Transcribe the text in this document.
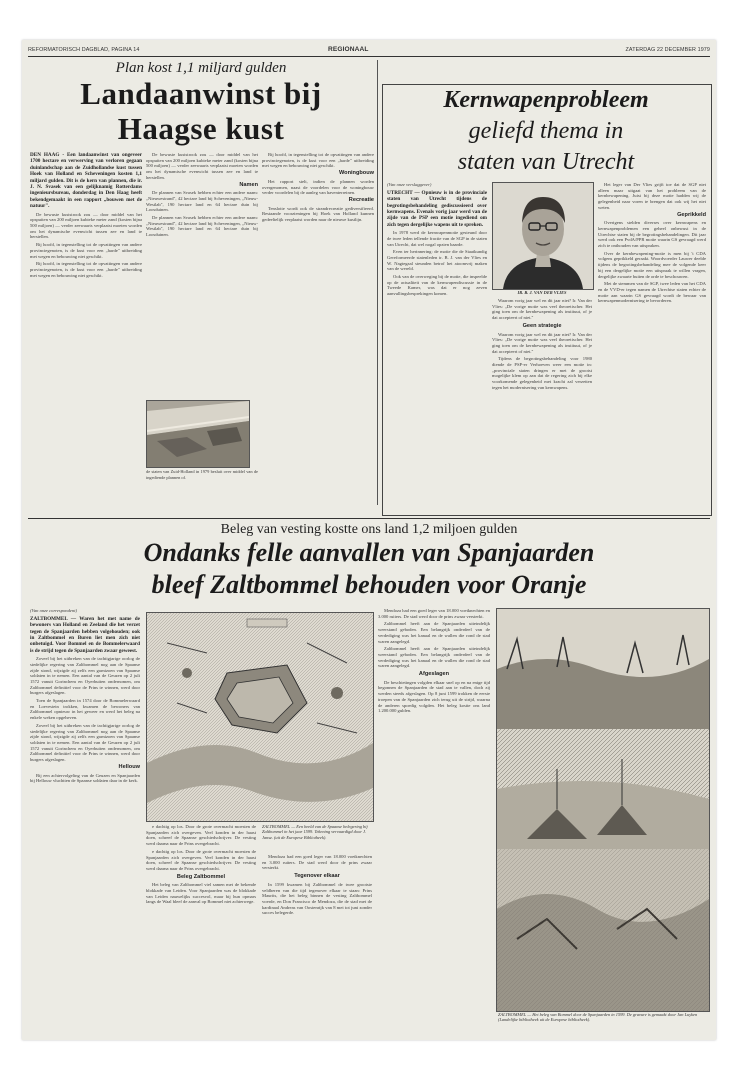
REFORMATORISCH DAGBLAD, PAGINA 14	REGIONAAL	ZATERDAG 22 DECEMBER 1979
Plan kost 1,1 miljard gulden
Landaanwinst bij
Haagse kust

DEN HAAG - Een landaanwinst van ongeveer 1700 hectare en verwerving van verloren gegaan duinlandschap aan de Zuidhollandse kust tussen Hoek van Holland en Scheveningen kosten 1,1 miljard gulden. Dit is de kern van plannen, die ir. J. N. Svasek van een gelijknamig Rotterdams ingenieursbureau, donderdag in Den Haag heeft bekendgemaakt in een rapport „bouwen met de natuur".

De bewuste kuststrook zou — door middel van het opspuiten van 200 miljoen kubieke meter zand (kosten bijna 500 miljoen) — verder zeewaarts verplaatst moeten worden om het dynamische evenwicht tussen zee en land te herstellen.

Bij hoofd, in tegenstelling tot de opvattingen van andere provinciegenoten, is de kust voor een „harde" uitbreiding met wegen en bebouwing niet geschikt.

Bij hoofd, in tegenstelling tot de opvattingen van andere provinciegenoten, is de kust voor een „harde" uitbreiding met wegen en bebouwing niet geschikt.

De bewuste kuststrook zou — door middel van het opspuiten van 200 miljoen kubieke meter zand (kosten bijna 500 miljoen) — verder zeewaarts verplaatst moeten worden om het dynamische evenwicht tussen zee en land te herstellen.

Namen

De plannen van Svasek hebben echter een andere naam: „Nieuwestrand", 42 hectare land bij Scheveningen, „Nieuw-Westlab", 190 hectare land en 64 hectare duin bij Loosduinen.

De plannen van Svasek hebben echter een andere naam: „Nieuwestrand", 42 hectare land bij Scheveningen, „Nieuw-Westlab", 190 hectare land en 64 hectare duin bij Loosduinen.

Bij hoofd, in tegenstelling tot de opvattingen van andere provinciegenoten, is de kust voor een „harde" uitbreiding met wegen en bebouwing niet geschikt.

Woningbouw

Het rapport stelt, indien de plannen worden overgenomen, naast de voordelen voor de woningbouw verder voordelen bij de aanleg van haventerreinen.

Recreatie

Tenslotte wordt ook de strandrecreatie gediversifieerd. Bestaande voorzieningen bij Hoek van Holland kunnen gedeeltelijk verplaatst worden naar de nieuwe kustlijn.

de staten van Zuid-Holland in 1979 besluit over middel van de ingediende plannen of.
Kernwapenprobleem
geliefd thema in
staten van Utrecht

(Van onze verslaggever)

UTRECHT — Opnieuw is in de provinciale staten van Utrecht tijdens de begrotingsbehandeling gediscussieerd over kernwapens. Evenals vorig jaar werd van de zijde van de PSP een motie ingediend om zich tegen dergelijke wapens uit te spreken.

In 1978 werd de kernwapenmotie gesteund door de twee leden tellende fractie van de SGP in de staten van Utrecht, dat wel nogal opzien baarde.

Even ter herinnering: de motie die de Staatkundig Gereformeerde statenleden ir. B. J. van der Vlies en W. Nagtegaal steunden betrof het atoomvrij maken van de wereld.

Ook van de overweging bij de motie, die inspeelde op de actualiteit van de kernwapendiscussie in de Tweede Kamer, was dat er nog zeven aanvullingsbesprekingen komen.	IR. B. J. VAN DER VLIES

Waarom vorig jaar wel en dit jaar niet? Ir. Van der Vlies: „De vorige motie was veel theoretischer. Het ging toen om de kernbewapening als instituut, of je dat accepteert of niet."

Geen strategie

Waarom vorig jaar wel en dit jaar niet? Ir. Van der Vlies: „De vorige motie was veel theoretischer. Het ging toen om de kernbewapening als instituut, of je dat accepteert of niet."

Tijdens de begrotingsbehandeling voor 1980 diende de PSP-er Verhoeven weer een motie in: „provinciale staten dringen er met de grootst mogelijke klem op aan dat de regering zich bij elke voorkomende gelegenheid met kracht zal verzetten tegen het modernisering van kernwapens.

Het leger van Der Vlies grijft toe dat de SGP niet alleen maar uitgaat van het probleem van de kernbewapening. Juist bij deze motie hadden wij de gelegenheid naar voren te brengen dat ook wij het niet weten.

Geprikkeld

Overigens stelden diverses over kernwapens en kernwapenproblemen een geheel onbewust in de Utrechtse staten bij de begrotingsbehandelingen. Dit jaar werd ook een PvdA/PPR motie waarin GS gevraagd werd zich te onthouden van uitspraken.

Over de kernbewapening-motie is men bij 't CDA volgens geprikkeld geraakt. Woordvoerder Lauwer deelde tijdens de begrotingsbehandeling mee de volgende keer bij een dergelijke motie een uitspraak te willen vragen, dergelijke zwaarte buiten de orde te beschouwen.

Met de stemmen van de SGP, twee leden van het CDA en de VVD-er tegen namen de Utrechtse staten echter de motie aan waarin GS gevraagd wordt de bewaar van kernwapenmodernisering te bevorderen.

Beleg van vesting kostte ons land 1,2 miljoen gulden
Ondanks felle aanvallen van Spanjaarden
bleef Zaltbommel behouden voor Oranje

(Van onze correspondent)

ZALTBOMMEL — Waren het met name de bewoners van Holland en Zeeland die het verzet tegen de Spanjaarden hebben volgehouden; ook in Zaltbommel en Buren liet men zich niet onbetuigd. Voor Bommel en de Bommelerwaard is de strijd tegen de Spanjaarden zwaar geweest.

Zoveel bij het uitbreken van de tachtigjarige oorlog de stedelijke regering van Zaltbommel nog aan de Spaanse zijde stond, wijzigde zij zelfs een garnizoen van Spaanse soldaten in te nemen. Een aantal van de Geuzen op 2 juli 1572 vanuit Gorinchem en Oyerbuiten ondernomen, om Zaltbommel definitief voor de Prins te winnen, werd door burgers afgeslagen.

Toen de Spanjaarden in 1574 door de Bommelerwaard en Loevestein trokken, kwamen de bewoners van Zaltbommel opnieuw in het geweer en werd het beleg na enkele weken opgeheven.

Zoveel bij het uitbreken van de tachtigjarige oorlog de stedelijke regering van Zaltbommel nog aan de Spaanse zijde stond, wijzigde zij zelfs een garnizoen van Spaanse soldaten in te nemen. Een aantal van de Geuzen op 2 juli 1572 vanuit Gorinchem en Oyerbuiten ondernomen, om Zaltbommel definitief voor de Prins te winnen, werd door burgers afgeslagen.

Hellouw

Bij een achtervolgeling van de Geuzen en Spanjaarden bij Hellouw vluchtten de Spaanse soldaten daar in de kerk.

ZALTBOMMEL — Een beeld van de Spaanse belegering bij Zaltbommel in het jaar 1599. Tekening vervaardigd door J. Jansz. (uit de Europese Bibliotheek).

e dachtig op los. Door de grote overmacht moesten de Spanjaarden zich overgeven. Veel konden in der haast doen, schreef de Spaanse geschiedschrijver. De vesting werd daarna naar de Prins overgebracht.

e dachtig op los. Door de grote overmacht moesten de Spanjaarden zich overgeven. Veel konden in der haast doen, schreef de Spaanse geschiedschrijver. De vesting werd daarna naar de Prins overgebracht.

Beleg Zaltbommel

Het beleg van Zaltbommel viel samen met de bekende blokkade van Leiden. Voor Spanjaarden was de blokkade van Leiden nauwelijks succesvol, maar bij hun opmars langs de Waal bleef de aanval op Bommel niet achterwege.

Mendoza had een goed leger van 18.000 voetknechten en 3.000 ruiters. De stad werd door de prins zwaar versterkt.

Tegenover elkaar

In 1599 kwamen bij Zaltbommel de twee grootste veldheren van die tijd tegenover elkaar te staan: Prins Maurits, die het beleg binnen de vesting Zaltbommel voerde, en Don Francisco de Mendoza, die de stad met de kardinaal Andreas van Oostenrijk van 8 mei tot juni zonder succes belegerde.

Mendoza had een goed leger van 18.000 voetknechten en 3.000 ruiters. De stad werd door de prins zwaar versterkt.

Zaltbommel heeft aan de Spanjaarden uiteindelijk weerstand geboden. Een belangrijk onderdeel van de verdediging was het kanaal en de wallen die rond de stad waren aangelegd.

Zaltbommel heeft aan de Spanjaarden uiteindelijk weerstand geboden. Een belangrijk onderdeel van de verdediging was het kanaal en de wallen die rond de stad waren aangelegd.

Afgeslagen

De beschietingen volgden elkaar snel op en na enige tijd begonnen de Spanjaarden de stad aan te vallen, doch zij werden steeds afgeslagen. Op 8 juni 1599 trokken de eerste troepen van de Spanjaarden zich terug uit de strijd, waarna de anderen spoedig volgden. Het beleg kostte ons land 1.200.000 gulden.

ZALTBOMMEL — Het beleg van Bommel door de Spanjaarden in 1599. De gravure is gemaakt door Jan Luyken (Landelijke bibliotheek uit de Europese bibliotheek).
